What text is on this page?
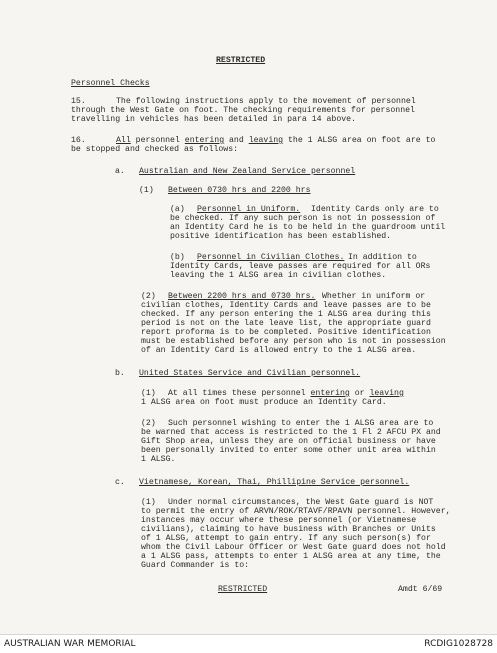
RESTRICTED
Personnel Checks
15.	The following instructions apply to the movement of personnel
through the West Gate on foot. The checking requirements for personnel
travelling in vehicles has been detailed in para 14 above.
16.	All personnel entering and leaving the 1 ALSG area on foot are to
be stopped and checked as follows:
a. Australian and New Zealand Service personnel
(1) Between 0730 hrs and 2200 hrs
(a) Personnel in Uniform. Identity Cards only are to
be checked. If any such person is not in possession of
an Identity Card he is to be held in the guardroom until
positive identification has been established.
(b) Personnel in Civilian Clothes. In addition to
Identity Cards, leave passes are required for all ORs
leaving the 1 ALSG area in civilian clothes.
(2) Between 2200 hrs and 0730 hrs. Whether in uniform or
civilian clothes, Identity Cards and leave passes are to be
checked. If any person entering the 1 ALSG area during this
period is not on the late leave list, the appropriate guard
report proforma is to be completed. Positive identification
must be established before any person who is not in possession
of an Identity Card is allowed entry to the 1 ALSG area.
b. United States Service and Civilian personnel.
(1) At all times these personnel entering or leaving
1 ALSG area on foot must produce an Identity Card.
(2) Such personnel wishing to enter the 1 ALSG area are to
be warned that access is restricted to the 1 Fl 2 AFCU PX and
Gift Shop area, unless they are on official business or have
been personally invited to enter some other unit area within
1 ALSG.
c. Vietnamese, Korean, Thai, Phillipine Service personnel.
(1) Under normal circumstances, the West Gate guard is NOT
to permit the entry of ARVN/ROK/RTAVF/RPAVN personnel. However,
instances may occur where these personnel (or Vietnamese
civilians), claiming to have business with Branches or Units
of 1 ALSG, attempt to gain entry. If any such person(s) for
whom the Civil Labour Officer or West Gate guard does not hold
a 1 ALSG pass, attempts to enter 1 ALSG area at any time, the
Guard Commander is to:
RESTRICTED	Amdt 6/69
AUSTRALIAN WAR MEMORIAL	RCDIG1028728
